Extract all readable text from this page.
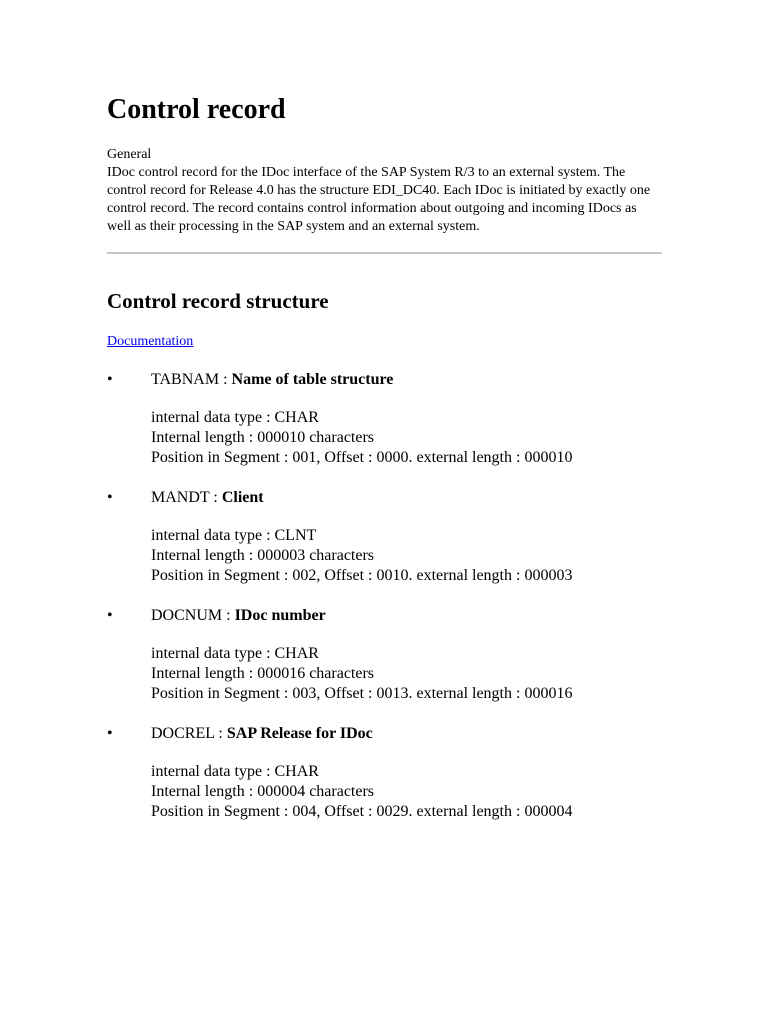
Control record

General

IDoc control record for the IDoc interface of the SAP System R/3 to an external system. The control record for Release 4.0 has the structure EDI_DC40. Each IDoc is initiated by exactly one control record. The record contains control information about outgoing and incoming IDocs as well as their processing in the SAP system and an external system.

Control record structure
Documentation
• TABNAM : Name of table structure
internal data type : CHAR
Internal length : 000010 characters
Position in Segment : 001, Offset : 0000. external length : 000010
• MANDT : Client
internal data type : CLNT
Internal length : 000003 characters
Position in Segment : 002, Offset : 0010. external length : 000003
• DOCNUM : IDoc number
internal data type : CHAR
Internal length : 000016 characters
Position in Segment : 003, Offset : 0013. external length : 000016
• DOCREL : SAP Release for IDoc
internal data type : CHAR
Internal length : 000004 characters
Position in Segment : 004, Offset : 0029. external length : 000004
